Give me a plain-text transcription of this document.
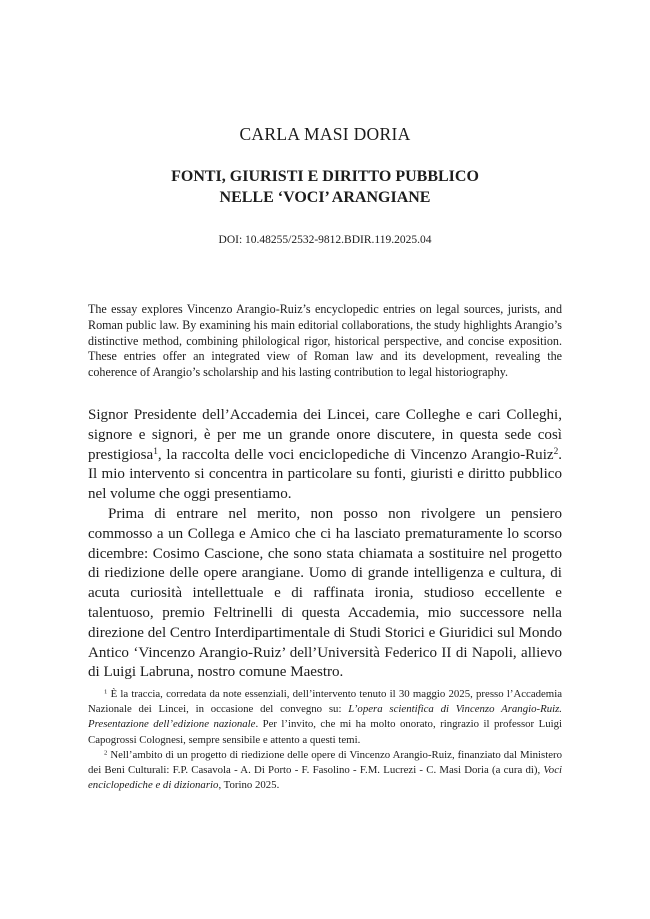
CARLA MASI DORIA
FONTI, GIURISTI E DIRITTO PUBBLICO
NELLE ‘VOCI’ ARANGIANE
DOI: 10.48255/2532-9812.BDIR.119.2025.04

The essay explores Vincenzo Arangio-Ruiz’s encyclopedic entries on legal sources, jurists, and Roman public law. By examining his main editorial collaborations, the study highlights Arangio’s distinctive method, combining philological rigor, historical perspective, and concise exposition. These entries offer an integrated view of Roman law and its development, revealing the coherence of Arangio’s scholarship and his lasting contribution to legal historiography.

Signor Presidente dell’Accademia dei Lincei, care Colleghe e cari Colleghi, signore e signori, è per me un grande onore discutere, in questa sede così prestigiosa$^1$, la raccolta delle voci enciclopediche di Vincenzo Arangio-Ruiz$^2$. Il mio intervento si concentra in particolare su fonti, giuristi e diritto pubblico nel volume che oggi presentiamo.

Prima di entrare nel merito, non posso non rivolgere un pensiero commosso a un Collega e Amico che ci ha lasciato prematuramente lo scorso dicembre: Cosimo Cascione, che sono stata chiamata a sostituire nel progetto di riedizione delle opere arangiane. Uomo di grande intelligenza e cultura, di acuta curiosità intellettuale e di raffinata ironia, studioso eccellente e talentuoso, premio Feltrinelli di questa Accademia, mio successore nella direzione del Centro Interdipartimentale di Studi Storici e Giuridici sul Mondo Antico ‘Vincenzo Arangio-Ruiz’ dell’Università Federico II di Napoli, allievo di Luigi Labruna, nostro comune Maestro.

$^1$ È la traccia, corredata da note essenziali, dell’intervento tenuto il 30 maggio 2025, presso l’Accademia Nazionale dei Lincei, in occasione del convegno su: L’opera scientifica di Vincenzo Arangio-Ruiz. Presentazione dell’edizione nazionale. Per l’invito, che mi ha molto onorato, ringrazio il professor Luigi Capogrossi Colognesi, sempre sensibile e attento a questi temi.

$^2$ Nell’ambito di un progetto di riedizione delle opere di Vincenzo Arangio-Ruiz, finanziato dal Ministero dei Beni Culturali: F.P. Casavola - A. Di Porto - F. Fasolino - F.M. Lucrezi - C. Masi Doria (a cura di), Voci enciclopediche e di dizionario, Torino 2025.
